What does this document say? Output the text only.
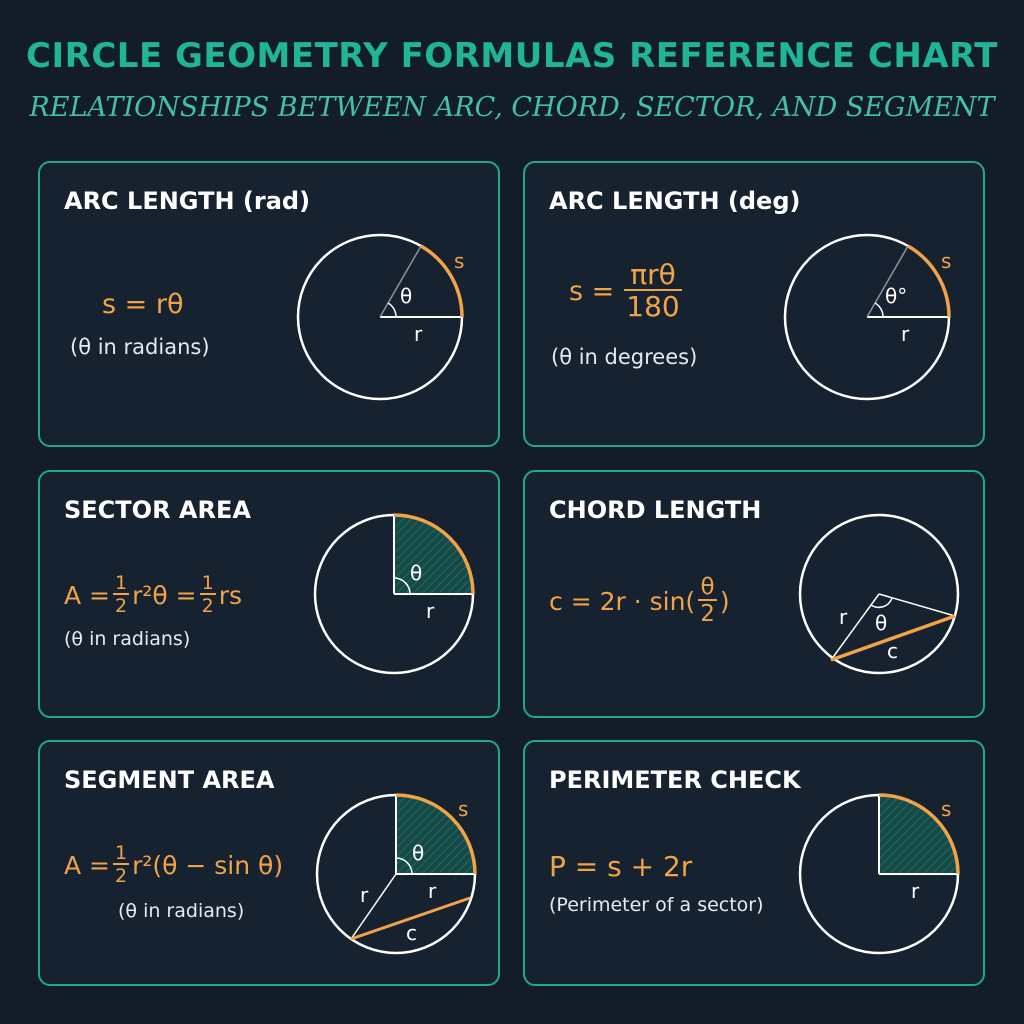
CIRCLE GEOMETRY FORMULAS REFERENCE CHART
RELATIONSHIPS BETWEEN ARC, CHORD, SECTOR, AND SEGMENT
ARC LENGTH (rad)
s = rθ
(θ in radians)
θ
r
s
ARC LENGTH (deg)
$s = \frac{\text{πrθ}}{180}$
(θ in degrees)
θ°
r
s
SECTOR AREA
$A = \frac{1}{2} r^2\theta = \frac{1}{2}$ rs
(θ in radians)
θ
r
CHORD LENGTH
$c = 2r \cdot \sin( \frac{\theta}{2}$ )
θ
r
c
SEGMENT AREA
$A = \frac{1}{2} r^2(\theta - \sin \theta)$
(θ in radians)
θ
r	r
c
s
PERIMETER CHECK
P = s + 2r
(Perimeter of a sector)
r
s
